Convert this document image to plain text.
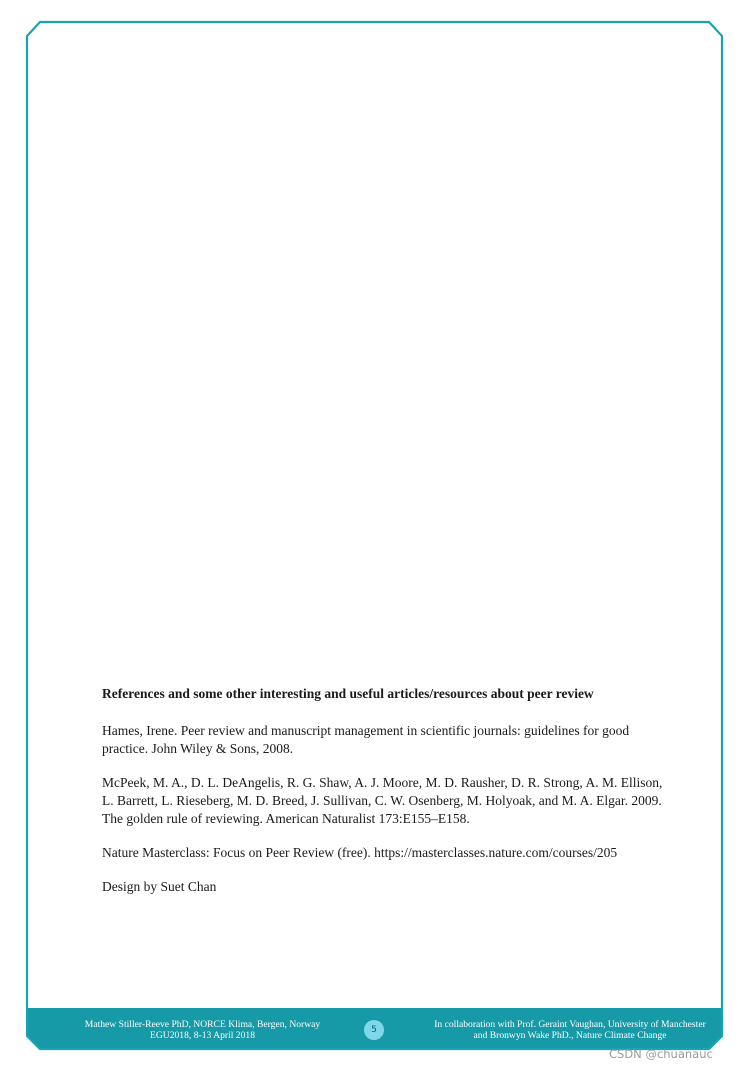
References and some other interesting and useful articles/resources about peer review

Hames, Irene. Peer review and manuscript management in scientific journals: guidelines for good practice. John Wiley & Sons, 2008.

McPeek, M. A., D. L. DeAngelis, R. G. Shaw, A. J. Moore, M. D. Rausher, D. R. Strong, A. M. Ellison, L. Barrett, L. Rieseberg, M. D. Breed, J. Sullivan, C. W. Osenberg, M. Holyoak, and M. A. Elgar. 2009. The golden rule of reviewing. American Naturalist 173:E155–E158.

Nature Masterclass: Focus on Peer Review (free). https://masterclasses.nature.com/courses/205

Design by Suet Chan

Mathew Stiller-Reeve PhD, NORCE Klima, Bergen, Norway
EGU2018, 8-13 April 2018	5	In collaboration with Prof. Geraint Vaughan, University of Manchester
and Bronwyn Wake PhD., Nature Climate Change
CSDN @chuanauc
